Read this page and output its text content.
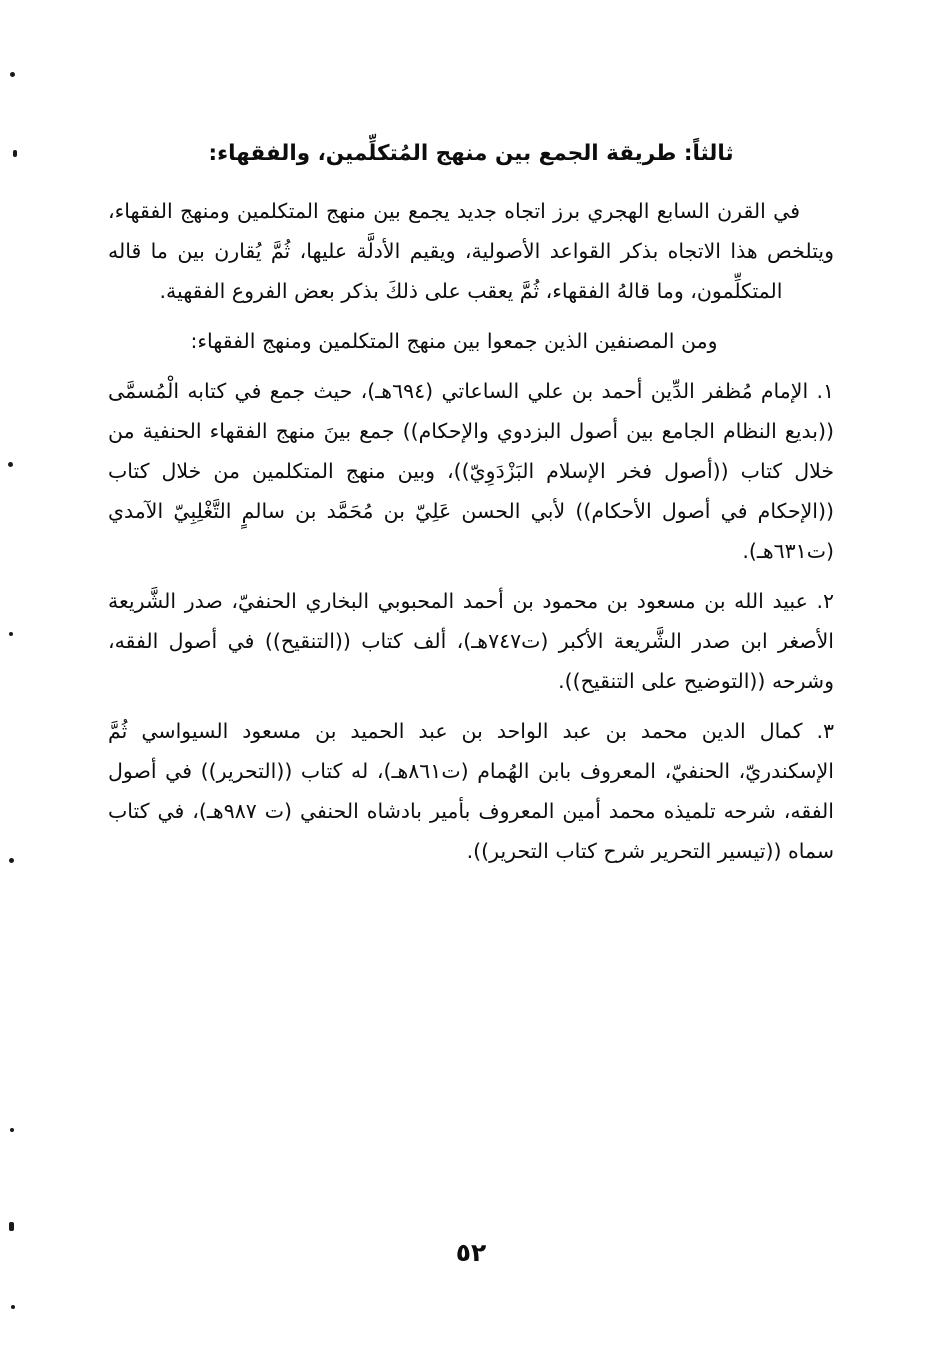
ثالثاً: طريقة الجمع بين منهج المُتكلِّمين، والفقهاء:

في القرن السابع الهجري برز اتجاه جديد يجمع بين منهج المتكلمين ومنهج الفقهاء، ويتلخص هذا الاتجاه بذكر القواعد الأصولية، ويقيم الأدلَّة عليها، ثُمَّ يُقارن بين ما قاله المتكلِّمون، وما قالهُ الفقهاء، ثُمَّ يعقب على ذلكَ بذكر بعض الفروع الفقهية.

ومن المصنفين الذين جمعوا بين منهج المتكلمين ومنهج الفقهاء:

١. الإمام مُظفر الدِّين أحمد بن علي الساعاتي (٦٩٤هـ)، حيث جمع في كتابه الْمُسمَّى ((بديع النظام الجامع بين أصول البزدوي والإحكام)) جمع بينَ منهج الفقهاء الحنفية من خلال كتاب ((أصول فخر الإسلام البَزْدَوِيّ))، وبين منهج المتكلمين من خلال كتاب ((الإحكام في أصول الأحكام)) لأبي الحسن عَلِيّ بن مُحَمَّد بن سالمٍ التَّغْلِبِيّ الآمدي (ت٦٣١هـ).

٢. عبيد الله بن مسعود بن محمود بن أحمد المحبوبي البخاري الحنفيّ، صدر الشَّريعة الأصغر ابن صدر الشَّريعة الأكبر (ت٧٤٧هـ)، ألف كتاب ((التنقيح)) في أصول الفقه، وشرحه ((التوضيح على التنقيح)).

٣. كمال الدين محمد بن عبد الواحد بن عبد الحميد بن مسعود السيواسي ثُمَّ الإسكندريّ، الحنفيّ، المعروف بابن الهُمام (ت٨٦١هـ)، له كتاب ((التحرير)) في أصول الفقه، شرحه تلميذه محمد أمين المعروف بأمير بادشاه الحنفي (ت ٩٨٧هـ)، في كتاب سماه ((تيسير التحرير شرح كتاب التحرير)).

٥٢
